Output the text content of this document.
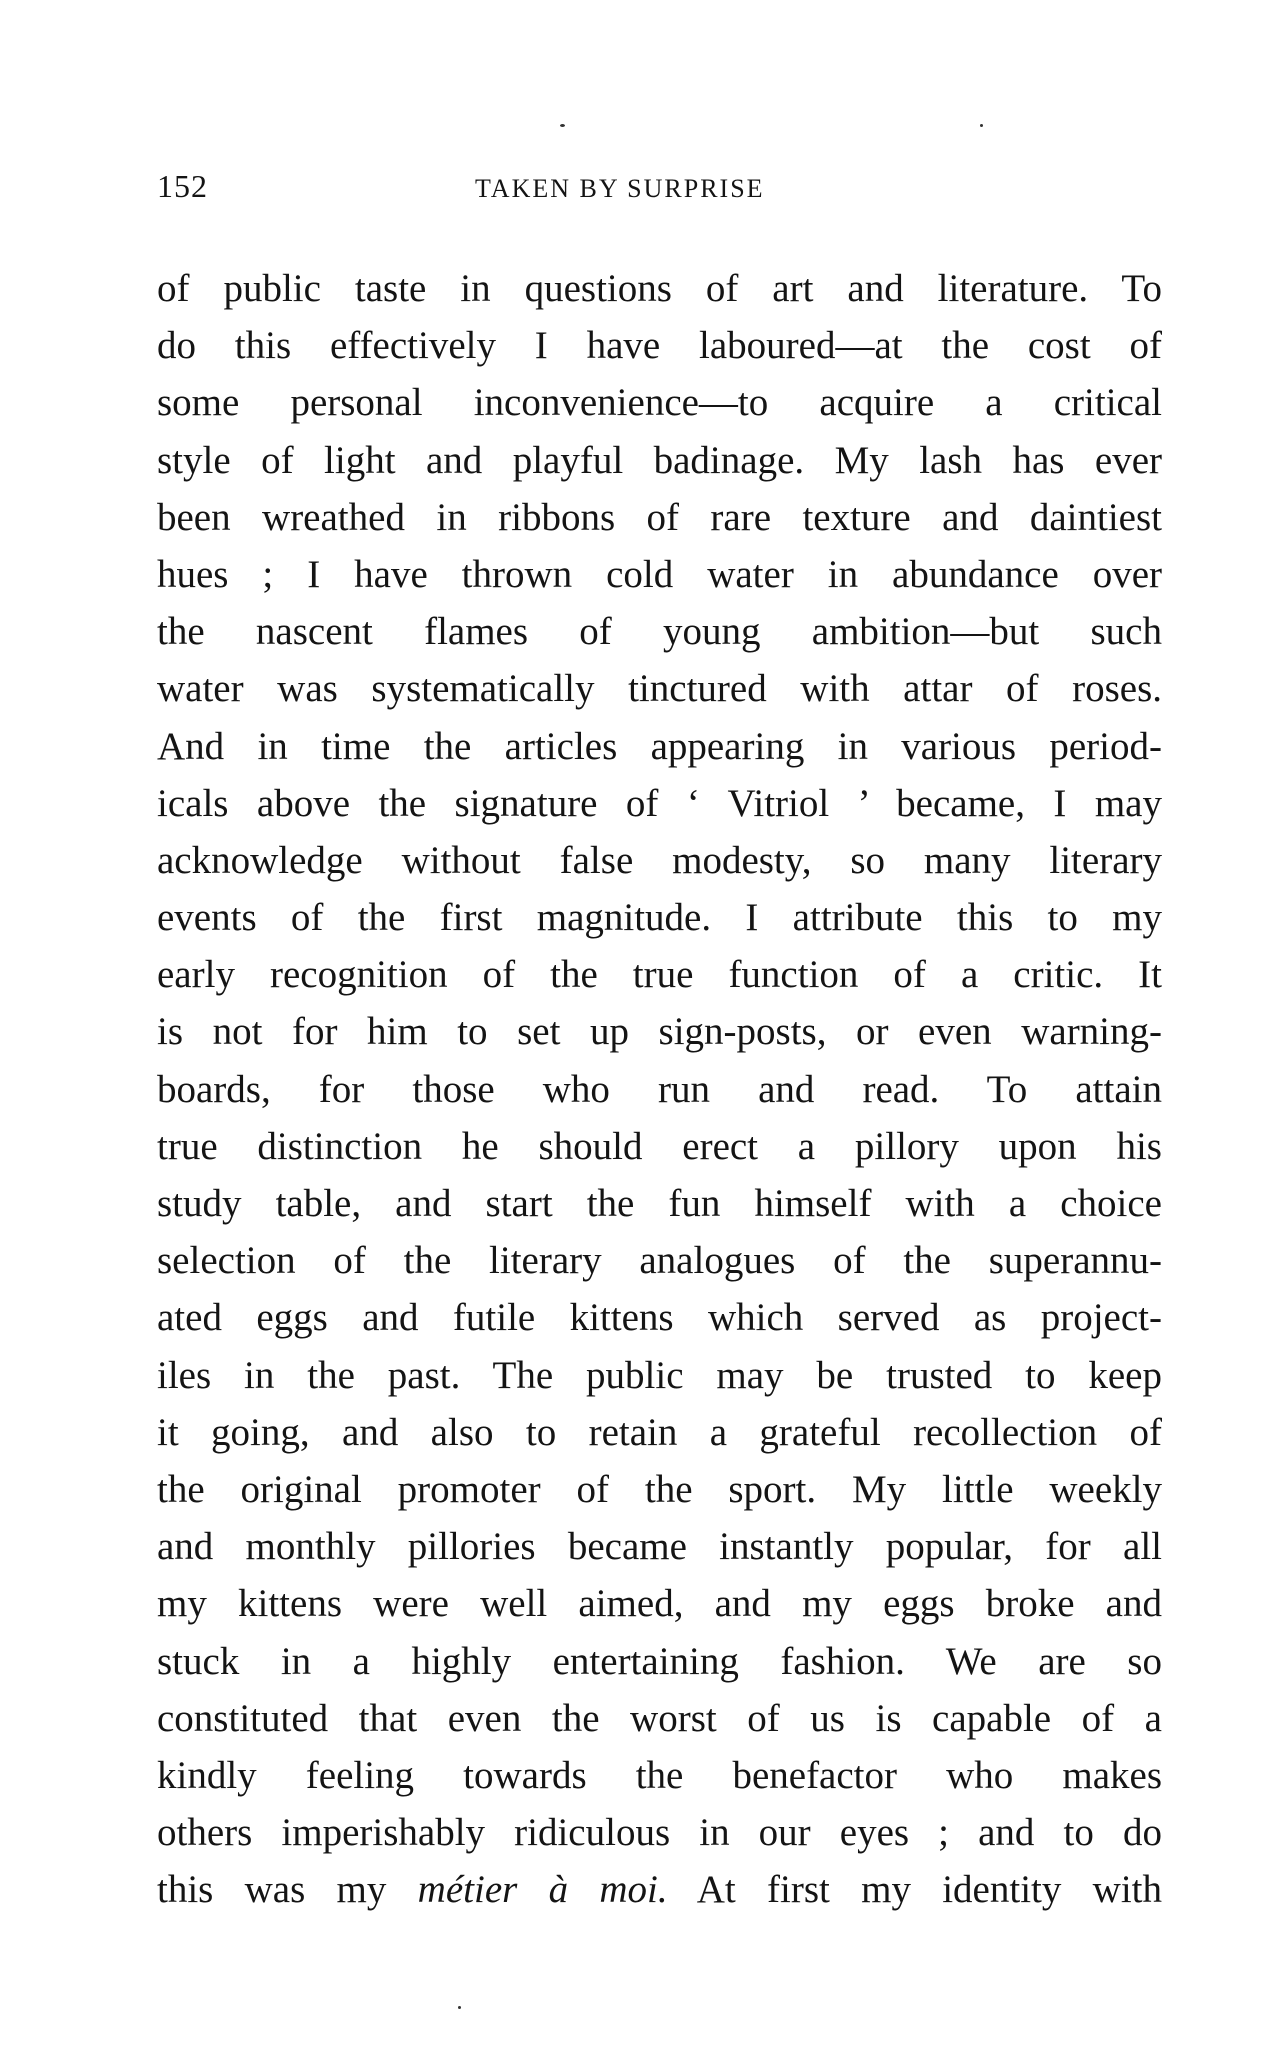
152	TAKEN BY SURPRISE
of public taste in questions of art and literature. To
do this effectively I have laboured—at the cost of
some personal inconvenience—to acquire a critical
style of light and playful badinage. My lash has ever
been wreathed in ribbons of rare texture and daintiest
hues ; I have thrown cold water in abundance over
the nascent flames of young ambition—but such
water was systematically tinctured with attar of roses.
And in time the articles appearing in various period-
icals above the signature of ‘ Vitriol ’ became, I may
acknowledge without false modesty, so many literary
events of the first magnitude. I attribute this to my
early recognition of the true function of a critic. It
is not for him to set up sign-posts, or even warning-
boards, for those who run and read. To attain
true distinction he should erect a pillory upon his
study table, and start the fun himself with a choice
selection of the literary analogues of the superannu-
ated eggs and futile kittens which served as project-
iles in the past. The public may be trusted to keep
it going, and also to retain a grateful recollection of
the original promoter of the sport. My little weekly
and monthly pillories became instantly popular, for all
my kittens were well aimed, and my eggs broke and
stuck in a highly entertaining fashion. We are so
constituted that even the worst of us is capable of a
kindly feeling towards the benefactor who makes
others imperishably ridiculous in our eyes ; and to do
this was my métier à moi. At first my identity with
